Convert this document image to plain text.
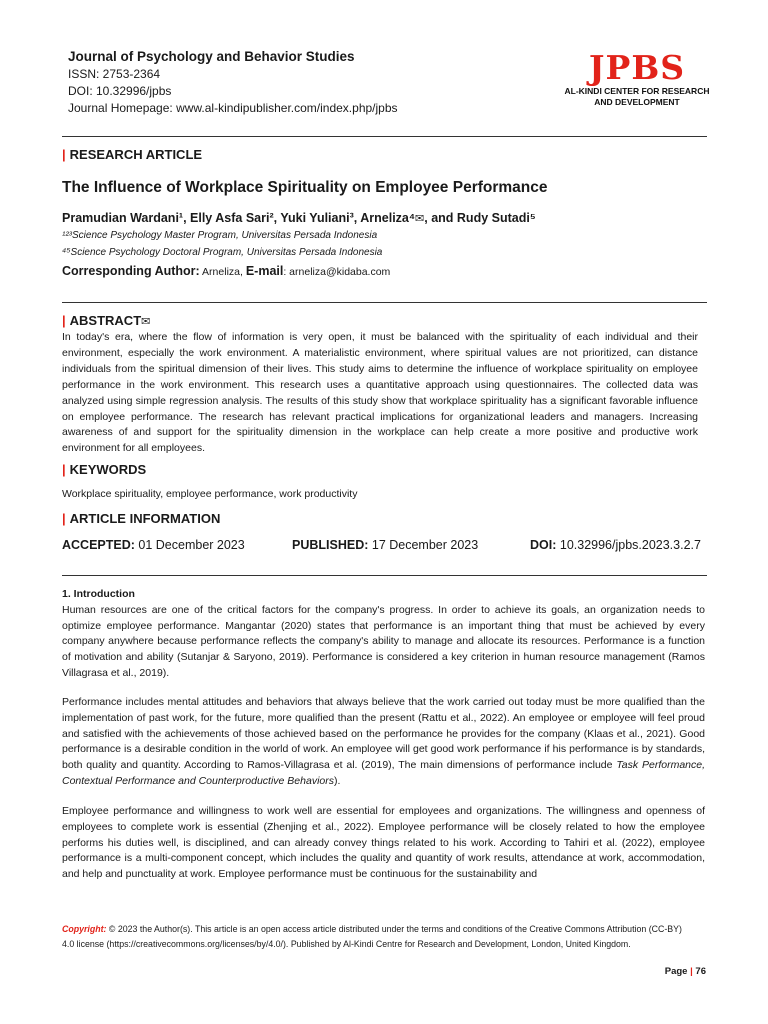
Journal of Psychology and Behavior Studies
ISSN: 2753-2364
DOI: 10.32996/jpbs
Journal Homepage: www.al-kindipublisher.com/index.php/jpbs
JPBS
AL-KINDI CENTER FOR RESEARCH
AND DEVELOPMENT
| RESEARCH ARTICLE
The Influence of Workplace Spirituality on Employee Performance
Pramudian Wardani¹, Elly Asfa Sari², Yuki Yuliani³, Arneliza⁴✉, and Rudy Sutadi⁵
¹²³Science Psychology Master Program, Universitas Persada Indonesia
⁴⁵Science Psychology Doctoral Program, Universitas Persada Indonesia
Corresponding Author: Arneliza, E-mail: arneliza@kidaba.com
| ABSTRACT✉
In today's era, where the flow of information is very open, it must be balanced with the spirituality of each individual and their environment, especially the work environment. A materialistic environment, where spiritual values are not prioritized, can distance individuals from the spiritual dimension of their lives. This study aims to determine the influence of workplace spirituality on employee performance in the work environment. This research uses a quantitative approach using questionnaires. The collected data was analyzed using simple regression analysis. The results of this study show that workplace spirituality has a significant favorable influence on employee performance. The research has relevant practical implications for organizational leaders and managers. Increasing awareness of and support for the spirituality dimension in the workplace can help create a more positive and productive work environment for all employees.
| KEYWORDS
Workplace spirituality, employee performance, work productivity
| ARTICLE INFORMATION
ACCEPTED: 01 December 2023	PUBLISHED: 17 December 2023	DOI: 10.32996/jpbs.2023.3.2.7
1. Introduction
Human resources are one of the critical factors for the company's progress. In order to achieve its goals, an organization needs to optimize employee performance. Mangantar (2020) states that performance is an important thing that must be achieved by every company anywhere because performance reflects the company's ability to manage and allocate its resources. Performance is a function of motivation and ability (Sutanjar & Saryono, 2019). Performance is considered a key criterion in human resource management (Ramos Villagrasa et al., 2019).
Performance includes mental attitudes and behaviors that always believe that the work carried out today must be more qualified than the implementation of past work, for the future, more qualified than the present (Rattu et al., 2022). An employee or employee will feel proud and satisfied with the achievements of those achieved based on the performance he provides for the company (Klaas et al., 2021). Good performance is a desirable condition in the world of work. An employee will get good work performance if his performance is by standards, both quality and quantity. According to Ramos-Villagrasa et al. (2019), The main dimensions of performance include Task Performance, Contextual Performance and Counterproductive Behaviors).
Employee performance and willingness to work well are essential for employees and organizations. The willingness and openness of employees to complete work is essential (Zhenjing et al., 2022). Employee performance will be closely related to how the employee performs his duties well, is disciplined, and can already convey things related to his work. According to Tahiri et al. (2022), employee performance is a multi-component concept, which includes the quality and quantity of work results, attendance at work, accommodation, and help and punctuality at work. Employee performance must be continuous for the sustainability and
Copyright: © 2023 the Author(s). This article is an open access article distributed under the terms and conditions of the Creative Commons Attribution (CC-BY) 4.0 license (https://creativecommons.org/licenses/by/4.0/). Published by Al-Kindi Centre for Research and Development, London, United Kingdom.
Page | 76
